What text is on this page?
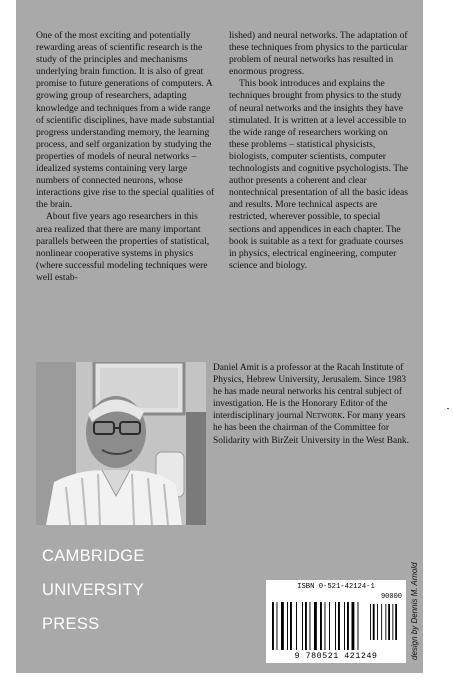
One of the most exciting and potentially rewarding areas of scientific research is the study of the principles and mechanisms underlying brain function. It is also of great promise to future generations of computers. A growing group of researchers, adapting knowledge and techniques from a wide range of scientific disciplines, have made substantial progress understanding memory, the learning process, and self organization by studying the properties of models of neural networks – idealized systems containing very large numbers of connected neurons, whose interactions give rise to the special qualities of the brain.

About five years ago researchers in this area realized that there are many important parallels between the properties of statistical, nonlinear cooperative systems in physics (where successful modeling techniques were well estab-

lished) and neural networks. The adaptation of these techniques from physics to the particular problem of neural networks has resulted in enormous progress.

This book introduces and explains the techniques brought from physics to the study of neural networks and the insights they have stimulated. It is written at a level accessible to the wide range of researchers working on these problems – statistical physicists, biologists, computer scientists, computer technologists and cognitive psychologists. The author presents a coherent and clear nontechnical presentation of all the basic ideas and results. More technical aspects are restricted, wherever possible, to special sections and appendices in each chapter. The book is suitable as a text for graduate courses in physics, electrical engineering, computer science and biology.

Daniel Amit is a professor at the Racah Institute of Physics, Hebrew University, Jerusalem. Since 1983 he has made neural networks his central subject of investigation. He is the Honorary Editor of the interdisciplinary journal Network. For many years he has been the chairman of the Committee for Solidarity with BirZeit University in the West Bank.

CAMBRIDGE
UNIVERSITY
PRESS
ISBN 0-521-42124-1
90000
9 780521 421249	design by Dennis M. Arnold
